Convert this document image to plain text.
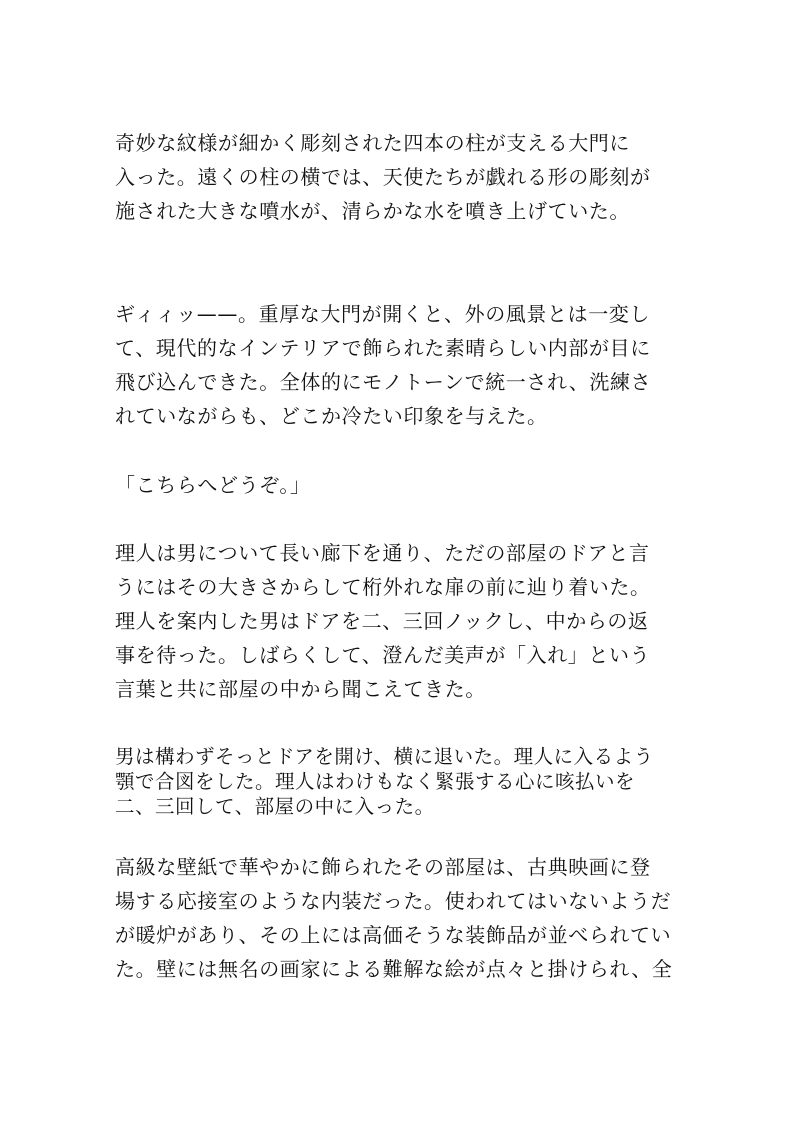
奇妙な紋様が細かく彫刻された四本の柱が支える大門に
入った。遠くの柱の横では、天使たちが戯れる形の彫刻が
施された大きな噴水が、清らかな水を噴き上げていた。
ギィィッ——。重厚な大門が開くと、外の風景とは一変し
て、現代的なインテリアで飾られた素晴らしい内部が目に
飛び込んできた。全体的にモノトーンで統一され、洗練さ
れていながらも、どこか冷たい印象を与えた。
「こちらへどうぞ。」
理人は男について長い廊下を通り、ただの部屋のドアと言
うにはその大きさからして桁外れな扉の前に辿り着いた。
理人を案内した男はドアを二、三回ノックし、中からの返
事を待った。しばらくして、澄んだ美声が「入れ」という
言葉と共に部屋の中から聞こえてきた。
男は構わずそっとドアを開け、横に退いた。理人に入るよう
顎で合図をした。理人はわけもなく緊張する心に咳払いを
二、三回して、部屋の中に入った。
高級な壁紙で華やかに飾られたその部屋は、古典映画に登
場する応接室のような内装だった。使われてはいないようだ
が暖炉があり、その上には高価そうな装飾品が並べられてい
た。壁には無名の画家による難解な絵が点々と掛けられ、全
